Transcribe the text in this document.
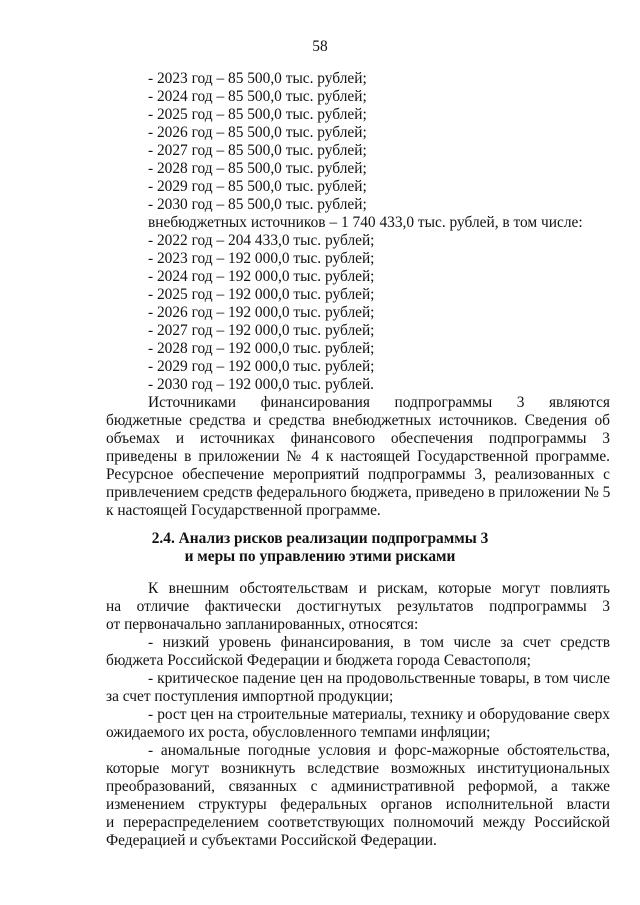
58
- 2023 год – 85 500,0 тыс. рублей;
- 2024 год – 85 500,0 тыс. рублей;
- 2025 год – 85 500,0 тыс. рублей;
- 2026 год – 85 500,0 тыс. рублей;
- 2027 год – 85 500,0 тыс. рублей;
- 2028 год – 85 500,0 тыс. рублей;
- 2029 год – 85 500,0 тыс. рублей;
- 2030 год – 85 500,0 тыс. рублей;
внебюджетных источников – 1 740 433,0 тыс. рублей, в том числе:
- 2022 год – 204 433,0 тыс. рублей;
- 2023 год – 192 000,0 тыс. рублей;
- 2024 год – 192 000,0 тыс. рублей;
- 2025 год – 192 000,0 тыс. рублей;
- 2026 год – 192 000,0 тыс. рублей;
- 2027 год – 192 000,0 тыс. рублей;
- 2028 год – 192 000,0 тыс. рублей;
- 2029 год – 192 000,0 тыс. рублей;
- 2030 год – 192 000,0 тыс. рублей.
Источниками финансирования подпрограммы 3 являются
бюджетные средства и средства внебюджетных источников. Сведения об
объемах и источниках финансового обеспечения подпрограммы 3
приведены в приложении № 4 к настоящей Государственной программе.
Ресурсное обеспечение мероприятий подпрограммы 3, реализованных с
привлечением средств федерального бюджета, приведено в приложении № 5
к настоящей Государственной программе.
2.4. Анализ рисков реализации подпрограммы 3
и меры по управлению этими рисками
К внешним обстоятельствам и рискам, которые могут повлиять
на отличие фактически достигнутых результатов подпрограммы 3
от первоначально запланированных, относятся:
- низкий уровень финансирования, в том числе за счет средств
бюджета Российской Федерации и бюджета города Севастополя;
- критическое падение цен на продовольственные товары, в том числе
за счет поступления импортной продукции;
- рост цен на строительные материалы, технику и оборудование сверх
ожидаемого их роста, обусловленного темпами инфляции;
- аномальные погодные условия и форс-мажорные обстоятельства,
которые могут возникнуть вследствие возможных институциональных
преобразований, связанных с административной реформой, а также
изменением структуры федеральных органов исполнительной власти
и перераспределением соответствующих полномочий между Российской
Федерацией и субъектами Российской Федерации.
